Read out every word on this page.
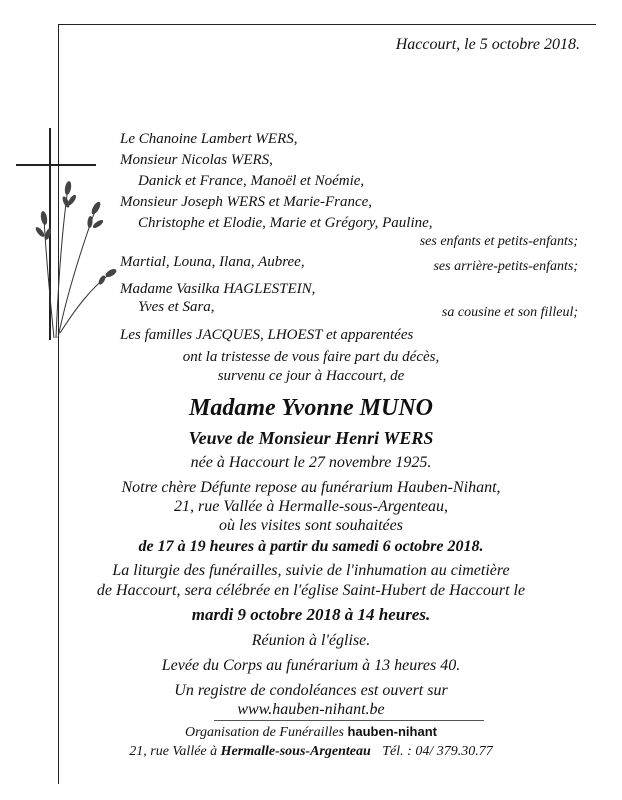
Haccourt, le 5 octobre 2018.
Le Chanoine Lambert WERS,
Monsieur Nicolas WERS,
Danick et France, Manoël et Noémie,
Monsieur Joseph WERS et Marie-France,
Christophe et Elodie, Marie et Grégory, Pauline,
ses enfants et petits-enfants;
Martial, Louna, Ilana, Aubree,	ses arrière-petits-enfants;
Madame Vasilka HAGLESTEIN,
Yves et Sara,	sa cousine et son filleul;
Les familles JACQUES, LHOEST et apparentées
ont la tristesse de vous faire part du décès,
survenu ce jour à Haccourt, de
Madame Yvonne MUNO
Veuve de Monsieur Henri WERS
née à Haccourt le 27 novembre 1925.
Notre chère Défunte repose au funérarium Hauben-Nihant,
21, rue Vallée à Hermalle-sous-Argenteau,
où les visites sont souhaitées
de 17 à 19 heures à partir du samedi 6 octobre 2018.
La liturgie des funérailles, suivie de l'inhumation au cimetière
de Haccourt, sera célébrée en l'église Saint-Hubert de Haccourt le
mardi 9 octobre 2018 à 14 heures.
Réunion à l'église.
Levée du Corps au funérarium à 13 heures 40.
Un registre de condoléances est ouvert sur
www.hauben-nihant.be
Organisation de Funérailles hauben-nihant
21, rue Vallée à Hermalle-sous-Argenteau Tél. : 04/ 379.30.77
